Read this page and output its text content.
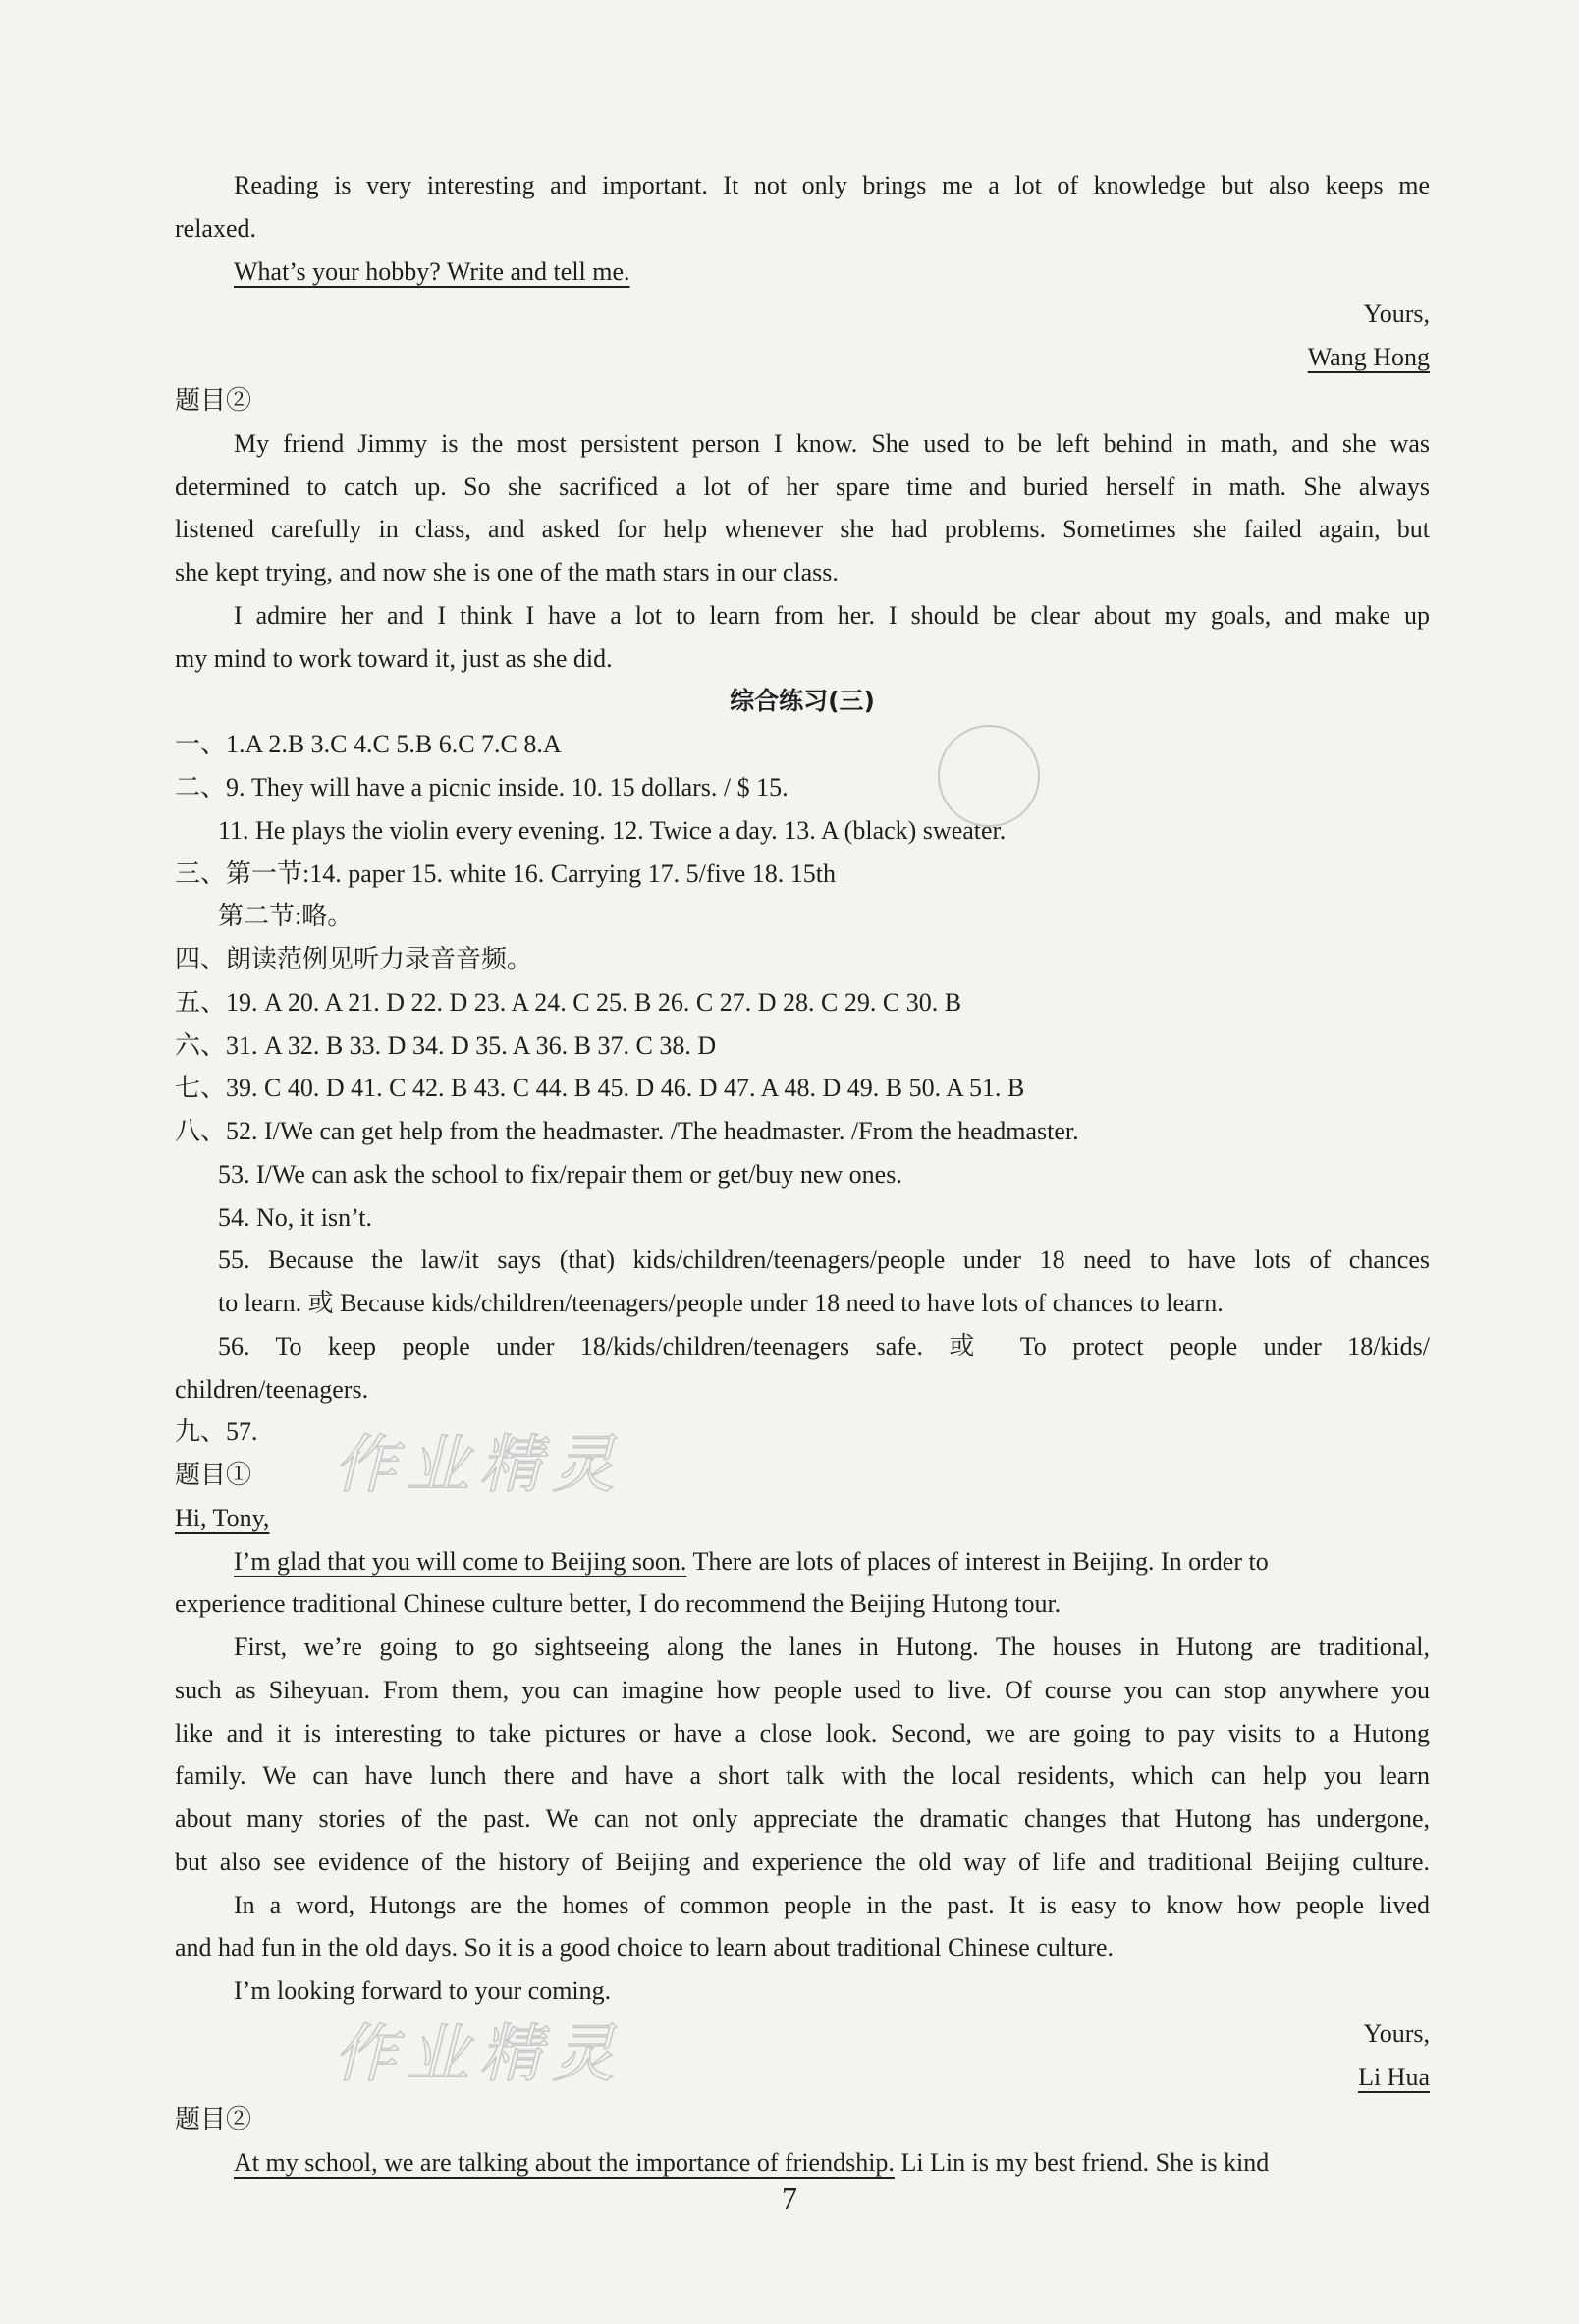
Reading is very interesting and important. It not only brings me a lot of knowledge but also keeps me
relaxed.
What’s your hobby? Write and tell me.
Yours,
Wang Hong
题目②
My friend Jimmy is the most persistent person I know. She used to be left behind in math, and she was
determined to catch up. So she sacrificed a lot of her spare time and buried herself in math. She always
listened carefully in class, and asked for help whenever she had problems. Sometimes she failed again, but
she kept trying, and now she is one of the math stars in our class.
I admire her and I think I have a lot to learn from her. I should be clear about my goals, and make up
my mind to work toward it, just as she did.
综合练习(三)
一、1.A 2.B 3.C 4.C 5.B 6.C 7.C 8.A
二、9. They will have a picnic inside. 10. 15 dollars. / $ 15.
11. He plays the violin every evening. 12. Twice a day. 13. A (black) sweater.
三、第一节:14. paper 15. white 16. Carrying 17. 5/five 18. 15th
第二节:略。
四、朗读范例见听力录音音频。
五、19. A 20. A 21. D 22. D 23. A 24. C 25. B 26. C 27. D 28. C 29. C 30. B
六、31. A 32. B 33. D 34. D 35. A 36. B 37. C 38. D
七、39. C 40. D 41. C 42. B 43. C 44. B 45. D 46. D 47. A 48. D 49. B 50. A 51. B
八、52. I/We can get help from the headmaster. /The headmaster. /From the headmaster.
53. I/We can ask the school to fix/repair them or get/buy new ones.
54. No, it isn’t.
55. Because the law/it says (that) kids/children/teenagers/people under 18 need to have lots of chances
to learn. 或 Because kids/children/teenagers/people under 18 need to have lots of chances to learn.
56. To keep people under 18/kids/children/teenagers safe. 或 To protect people under 18/kids/
children/teenagers.
九、57.
题目①
Hi, Tony,
I’m glad that you will come to Beijing soon. There are lots of places of interest in Beijing. In order to
experience traditional Chinese culture better, I do recommend the Beijing Hutong tour.
First, we’re going to go sightseeing along the lanes in Hutong. The houses in Hutong are traditional,
such as Siheyuan. From them, you can imagine how people used to live. Of course you can stop anywhere you
like and it is interesting to take pictures or have a close look. Second, we are going to pay visits to a Hutong
family. We can have lunch there and have a short talk with the local residents, which can help you learn
about many stories of the past. We can not only appreciate the dramatic changes that Hutong has undergone,
but also see evidence of the history of Beijing and experience the old way of life and traditional Beijing culture.
In a word, Hutongs are the homes of common people in the past. It is easy to know how people lived
and had fun in the old days. So it is a good choice to learn about traditional Chinese culture.
I’m looking forward to your coming.
Yours,
Li Hua
题目②
At my school, we are talking about the importance of friendship. Li Lin is my best friend. She is kind
作业精灵
作业精灵
7
